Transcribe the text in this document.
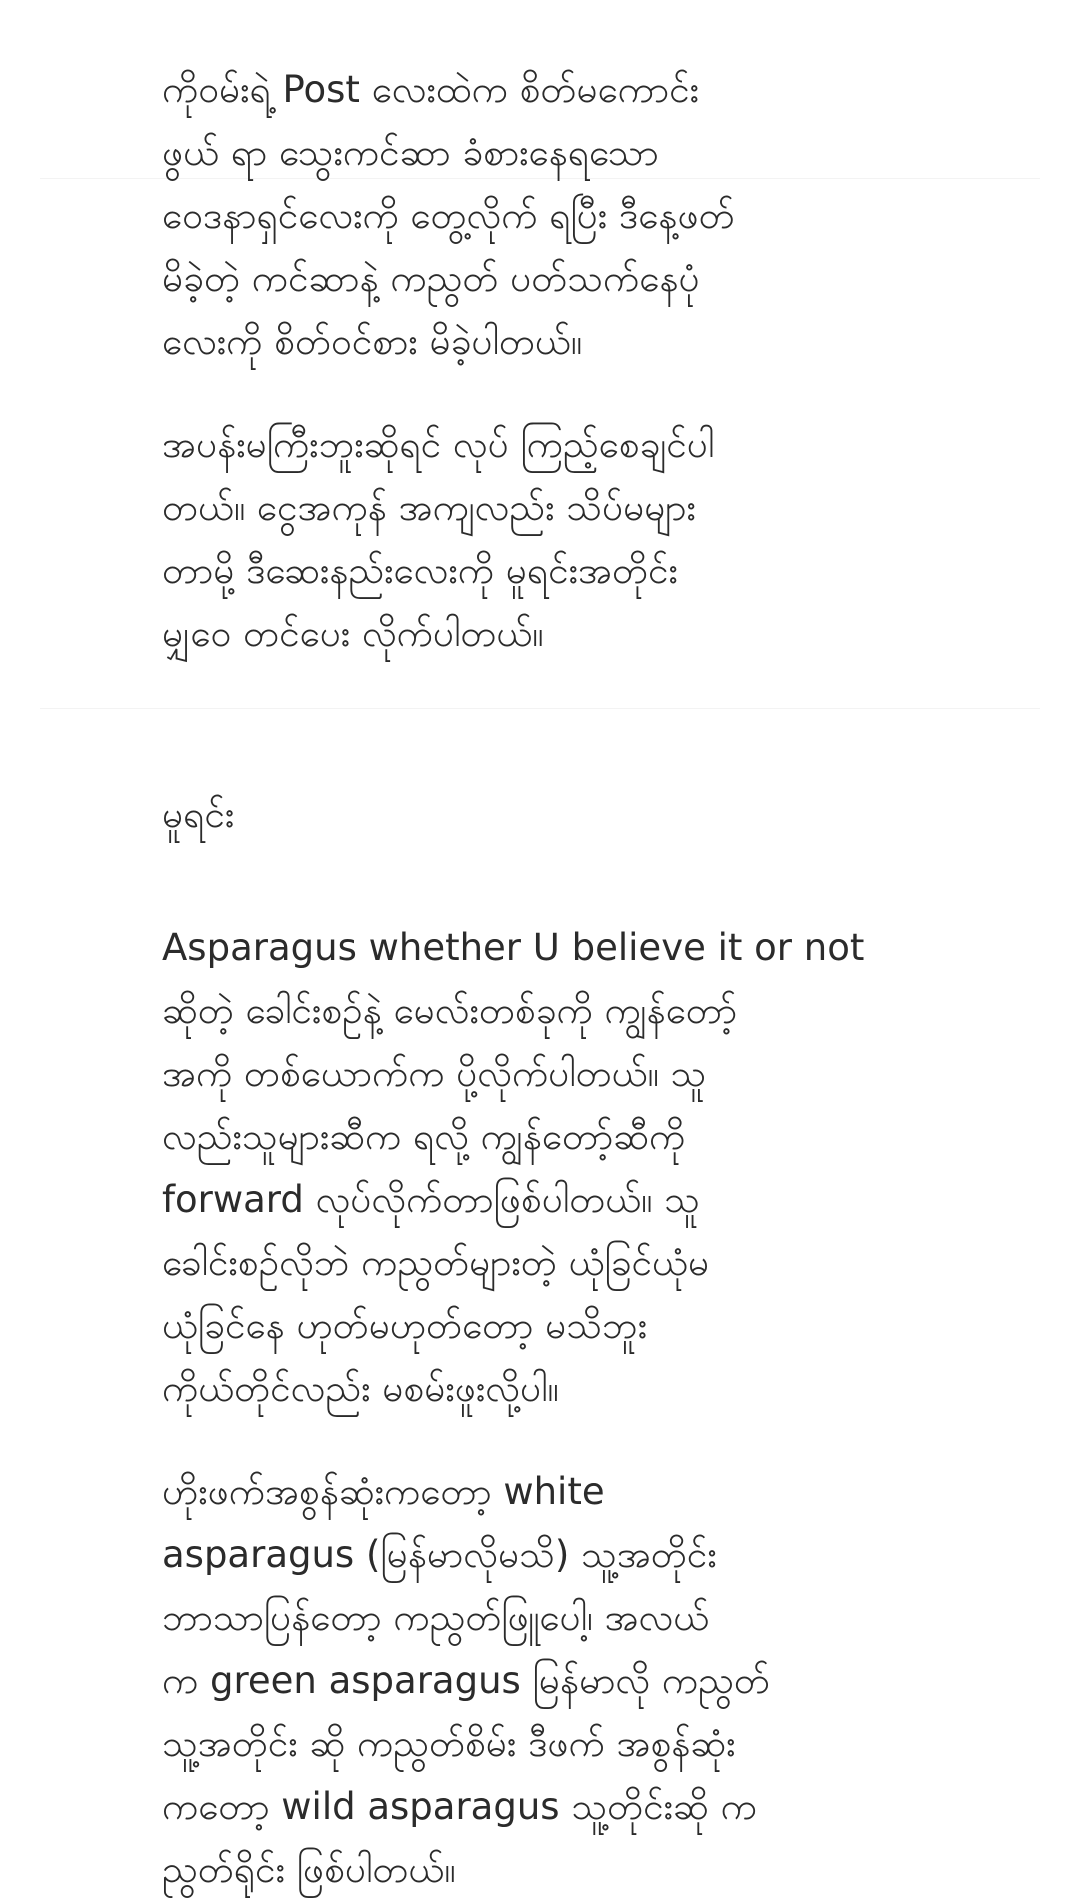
ကိုဝမ်းရဲ့ Post လေးထဲက စိတ်မကောင်း
ဖွယ် ရာ သွေးကင်ဆာ ခံစားနေရသော
ဝေဒနာရှင်လေးကို တွေ့လိုက် ရပြီး ဒီနေ့ဖတ်
မိခဲ့တဲ့ ကင်ဆာနဲ့ ကညွတ် ပတ်သက်နေပုံ
လေးကို စိတ်ဝင်စား မိခဲ့ပါတယ်။

အပန်းမကြီးဘူးဆိုရင် လုပ် ကြည့်စေချင်ပါ
တယ်။ ငွေအကုန် အကျလည်း သိပ်မများ
တာမို့ ဒီဆေးနည်းလေးကို မူရင်းအတိုင်း
မျှဝေ တင်ပေး လိုက်ပါတယ်။

မူရင်း

Asparagus whether U believe it or not
ဆိုတဲ့ ခေါင်းစဉ်နဲ့ မေလ်းတစ်ခုကို ကျွန်တော့်
အကို တစ်ယောက်က ပို့လိုက်ပါတယ်။ သူ
လည်းသူများဆီက ရလို့ ကျွန်တော့်ဆီကို
forward လုပ်လိုက်တာဖြစ်ပါတယ်။ သူ
ခေါင်းစဉ်လိုဘဲ ကညွတ်များတဲ့ ယုံခြင်ယုံမ
ယုံခြင်နေ ဟုတ်မဟုတ်တော့ မသိဘူး
ကိုယ်တိုင်လည်း မစမ်းဖူးလို့ပါ။

ဟိုးဖက်အစွန်ဆုံးကတော့ white
asparagus (မြန်မာလိုမသိ) သူ့အတိုင်း
ဘာသာပြန်တော့ ကညွတ်ဖြူပေါ့၊ အလယ်
က green asparagus မြန်မာလို ကညွတ်
သူ့အတိုင်း ဆို ကညွတ်စိမ်း ဒီဖက် အစွန်ဆုံး
ကတော့ wild asparagus သူ့တိုင်းဆို က
ညွတ်ရိုင်း ဖြစ်ပါတယ်။
